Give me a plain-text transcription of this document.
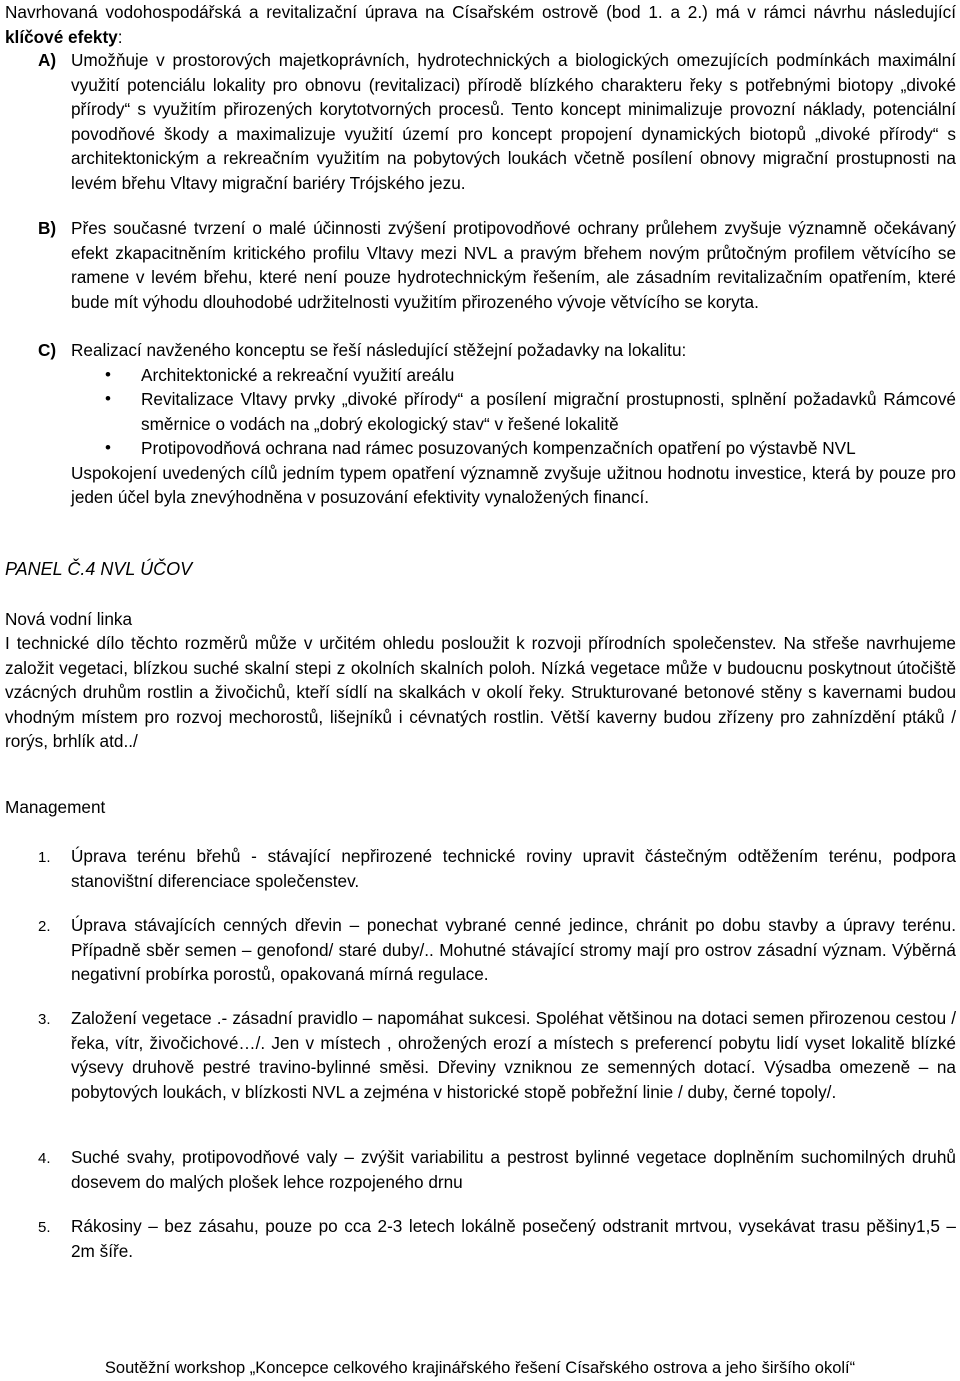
Navrhovaná vodohospodářská a revitalizační úprava na Císařském ostrově (bod 1. a 2.) má v rámci návrhu následující klíčové efekty:

A) Umožňuje v prostorových majetkoprávních, hydrotechnických a biologických omezujících podmínkách maximální využití potenciálu lokality pro obnovu (revitalizaci) přírodě blízkého charakteru řeky s potřebnými biotopy „divoké přírody“ s využitím přirozených korytotvorných procesů. Tento koncept minimalizuje provozní náklady, potenciální povodňové škody a maximalizuje využití území pro koncept propojení dynamických biotopů „divoké přírody“ s architektonickým a rekreačním využitím na pobytových loukách včetně posílení obnovy migrační prostupnosti na levém břehu Vltavy migrační bariéry Trójského jezu.

B) Přes současné tvrzení o malé účinnosti zvýšení protipovodňové ochrany průlehem zvyšuje významně očekávaný efekt zkapacitněním kritického profilu Vltavy mezi NVL a pravým břehem novým průtočným profilem větvícího se ramene v levém břehu, které není pouze hydrotechnickým řešením, ale zásadním revitalizačním opatřením, které bude mít výhodu dlouhodobé udržitelnosti využitím přirozeného vývoje větvícího se koryta.

C) Realizací navženého konceptu se řeší následující stěžejní požadavky na lokalitu:

• Architektonické a rekreační využití areálu
• Revitalizace Vltavy prvky „divoké přírody“ a posílení migrační prostupnosti, splnění požadavků Rámcové směrnice o vodách na „dobrý ekologický stav“ v řešené lokalitě
• Protipovodňová ochrana nad rámec posuzovaných kompenzačních opatření po výstavbě NVL

Uspokojení uvedených cílů jedním typem opatření významně zvyšuje užitnou hodnotu investice, která by pouze pro jeden účel byla znevýhodněna v posuzování efektivity vynaložených financí.

PANEL Č.4 NVL ÚČOV

Nová vodní linka

I technické dílo těchto rozměrů může v určitém ohledu posloužit k rozvoji přírodních společenstev. Na střeše navrhujeme založit vegetaci, blízkou suché skalní stepi z okolních skalních poloh. Nízká vegetace může v budoucnu poskytnout útočiště vzácných druhům rostlin a živočichů, kteří sídlí na skalkách v okolí řeky. Strukturované betonové stěny s kavernami budou vhodným místem pro rozvoj mechorostů, lišejníků i cévnatých rostlin. Větší kaverny budou zřízeny pro zahnízdění ptáků / rorýs, brhlík atd../

Management

1. Úprava terénu břehů - stávající nepřirozené technické roviny upravit částečným odtěžením terénu, podpora stanovištní diferenciace společenstev.

2. Úprava stávajících cenných dřevin – ponechat vybrané cenné jedince, chránit po dobu stavby a úpravy terénu. Případně sběr semen – genofond/ staré duby/.. Mohutné stávající stromy mají pro ostrov zásadní význam. Výběrná negativní probírka porostů, opakovaná mírná regulace.

3. Založení vegetace .- zásadní pravidlo – napomáhat sukcesi. Spoléhat většinou na dotaci semen přirozenou cestou / řeka, vítr, živočichové…/. Jen v místech , ohrožených erozí a místech s preferencí pobytu lidí vyset lokalitě blízké výsevy druhově pestré travino-bylinné směsi. Dřeviny vzniknou ze semenných dotací. Výsadba omezeně – na pobytových loukách, v blízkosti NVL a zejména v historické stopě pobřežní linie / duby, černé topoly/.

4. Suché svahy, protipovodňové valy – zvýšit variabilitu a pestrost bylinné vegetace doplněním suchomilných druhů dosevem do malých plošek lehce rozpojeného drnu

5. Rákosiny – bez zásahu, pouze po cca 2-3 letech lokálně posečený odstranit mrtvou, vysekávat trasu pěšiny1,5 – 2m šíře.

Soutěžní workshop „Koncepce celkového krajinářského řešení Císařského ostrova a jeho širšího okolí“
